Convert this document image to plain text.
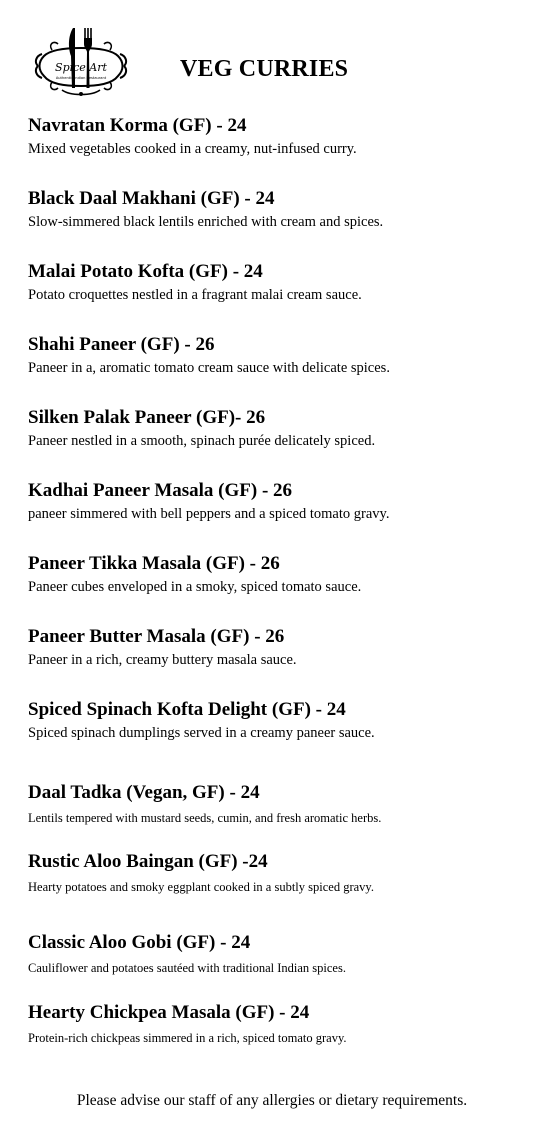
Spice Art
Authentic Indian Restaurant	VEG CURRIES
Navratan Korma (GF) - 24
Mixed vegetables cooked in a creamy, nut-infused curry.
Black Daal Makhani (GF) - 24
Slow-simmered black lentils enriched with cream and spices.
Malai Potato Kofta (GF) - 24
Potato croquettes nestled in a fragrant malai cream sauce.
Shahi Paneer (GF) - 26
Paneer in a, aromatic tomato cream sauce with delicate spices.
Silken Palak Paneer (GF)- 26
Paneer nestled in a smooth, spinach purée delicately spiced.
Kadhai Paneer Masala (GF) - 26
paneer simmered with bell peppers and a spiced tomato gravy.
Paneer Tikka Masala (GF) - 26
Paneer cubes enveloped in a smoky, spiced tomato sauce.
Paneer Butter Masala (GF) - 26
Paneer in a rich, creamy buttery masala sauce.
Spiced Spinach Kofta Delight (GF) - 24
Spiced spinach dumplings served in a creamy paneer sauce.
Daal Tadka (Vegan, GF) - 24
Lentils tempered with mustard seeds, cumin, and fresh aromatic herbs.
Rustic Aloo Baingan (GF) -24
Hearty potatoes and smoky eggplant cooked in a subtly spiced gravy.
Classic Aloo Gobi (GF) - 24
Cauliflower and potatoes sautéed with traditional Indian spices.
Hearty Chickpea Masala (GF) - 24
Protein-rich chickpeas simmered in a rich, spiced tomato gravy.
Please advise our staff of any allergies or dietary requirements.
